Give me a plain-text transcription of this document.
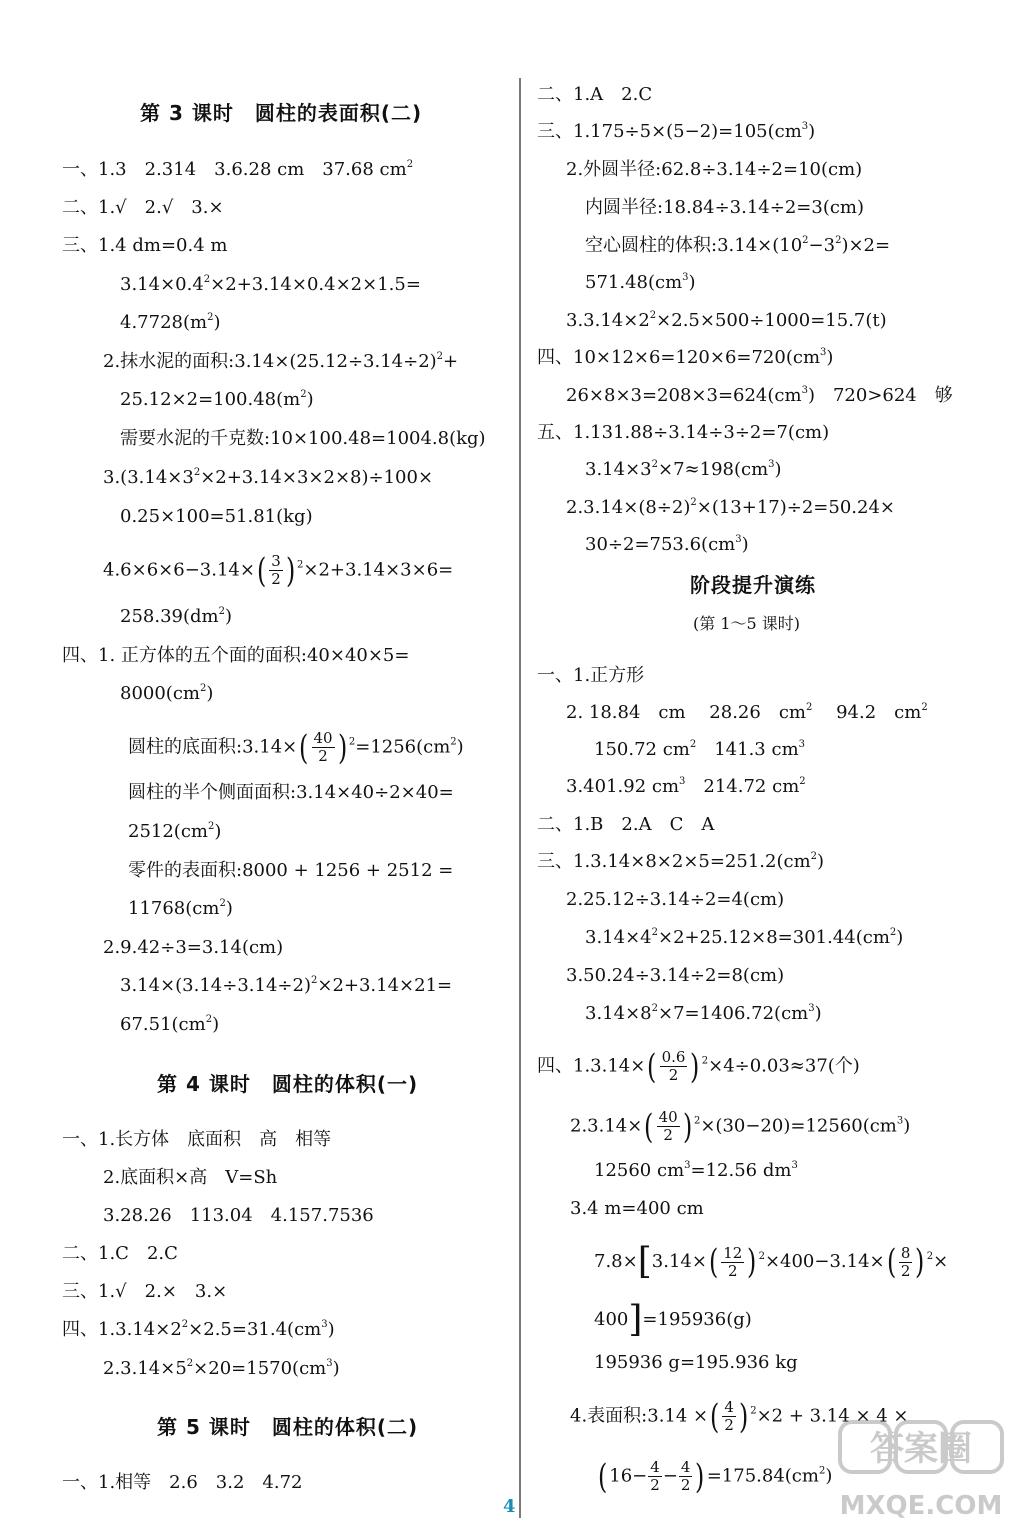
第 3 课时　圆柱的表面积(二)
一、1.3　2.314　3.6.28 cm　37.68 $cm^2$
二、1.√　2.√　3.×
三、1.4 dm=0.4 m
$3.14\times 0.4^2\times 2+3.14\times 0.4\times 2\times 1.5=$
$4.7728(m^2)$
2.抹水泥的面积$:3.14\times(25.12\div 3.14\div 2)^2+$
$25.12\times 2=100.48(m^2)$
需要水泥的千克数:10×100.48=1004.8(kg)
$3.(3.14\times 3^2\times 2+3.14\times 3\times 2\times 8)\div 100\times$
0.25×100=51.81(kg)
4.6×6×6−3.14× ( $\frac{3}{2}$ ) $^2$×2+3.14×3×6=
$258.39(dm^2)$
四、1. 正方体的五个面的面积:40×40×5=
$8000(cm^2)$
圆柱的底面积:3.14× ( $\frac{40}{2}$ ) $^2=1256(cm^2)$
圆柱的半个侧面面积:3.14×40÷2×40=
$2512(cm^2)$
零件的表面积:8000 + 1256 + 2512 =
$11768(cm^2)$
2.9.42÷3=3.14(cm)
$3.14\times(3.14\div 3.14\div 2)^2\times 2+3.14\times 21=$
$67.51(cm^2)$
第 4 课时　圆柱的体积(一)
一、1.长方体　底面积　高　相等
2.底面积×高　V=Sh
3.28.26　113.04　4.157.7536
二、1.C　2.C
三、1.√　2.×　3.×
四、$1.3.14\times 2^2\times 2.5=31.4(cm^3)$
$2.3.14\times 5^2\times 20=1570(cm^3)$
第 5 课时　圆柱的体积(二)
一、1.相等　2.6　3.2　4.72
二、1.A　2.C
三、$1.175\div 5\times(5-2)=105(cm^3)$
2.外圆半径:62.8÷3.14÷2=10(cm)
内圆半径:18.84÷3.14÷2=3(cm)
空心圆柱的体积$:3.14\times(10^2-3^2)\times 2=$
$571.48(cm^3)$
$3.3.14\times 2^2\times 2.5\times 500\div 1000=15.7(t)$
四、$10\times 12\times 6=120\times 6=720(cm^3)$
$26\times 8\times 3=208\times 3=624(cm^3)$　720>624　够
五、1.131.88÷3.14÷3÷2=7(cm)
$3.14\times 3^2\times 7\approx 198(cm^3)$
$2.3.14\times(8\div 2)^2\times(13+17)\div 2=50.24\times$
$30\div 2=753.6(cm^3)$
阶段提升演练
(第 1～5 课时)
一、1.正方形
2. 18.84　cm　 28.26　$cm^2$　 94.2　$cm^2$
150.72 $cm^2$　141.3 $cm^3$
3.401.92 $cm^3$　214.72 $cm^2$
二、1.B　2.A　C　A
三、$1.3.14\times 8\times 2\times 5=251.2(cm^2)$
2.25.12÷3.14÷2=4(cm)
$3.14\times 4^2\times 2+25.12\times 8=301.44(cm^2)$
3.50.24÷3.14÷2=8(cm)
$3.14\times 8^2\times 7=1406.72(cm^3)$
四、1.3.14× ( $\frac{0.6}{2}$ ) $^2$×4÷0.03≈37(个)
2.3.14× ( $\frac{40}{2}$ ) $^2\times(30-20)=12560(cm^3)$
12560 $cm^3=12.56$ $dm^3$
3.4 m=400 cm
7.8× [ 3.14× ( $\frac{12}{2}$ ) $^2$×400−3.14× ( $\frac{8}{2}$ ) $^2$×
400 ] =195936(g)
195936 g=195.936 kg
4.表面积:3.14 × ( $\frac{4}{2}$ ) $^2$×2 + 3.14 × 4 ×
( $16- \frac{4}{2} - \frac{4}{2}$ ) $=175.84(cm^2)$
4
答案圈
MXQE.COM
